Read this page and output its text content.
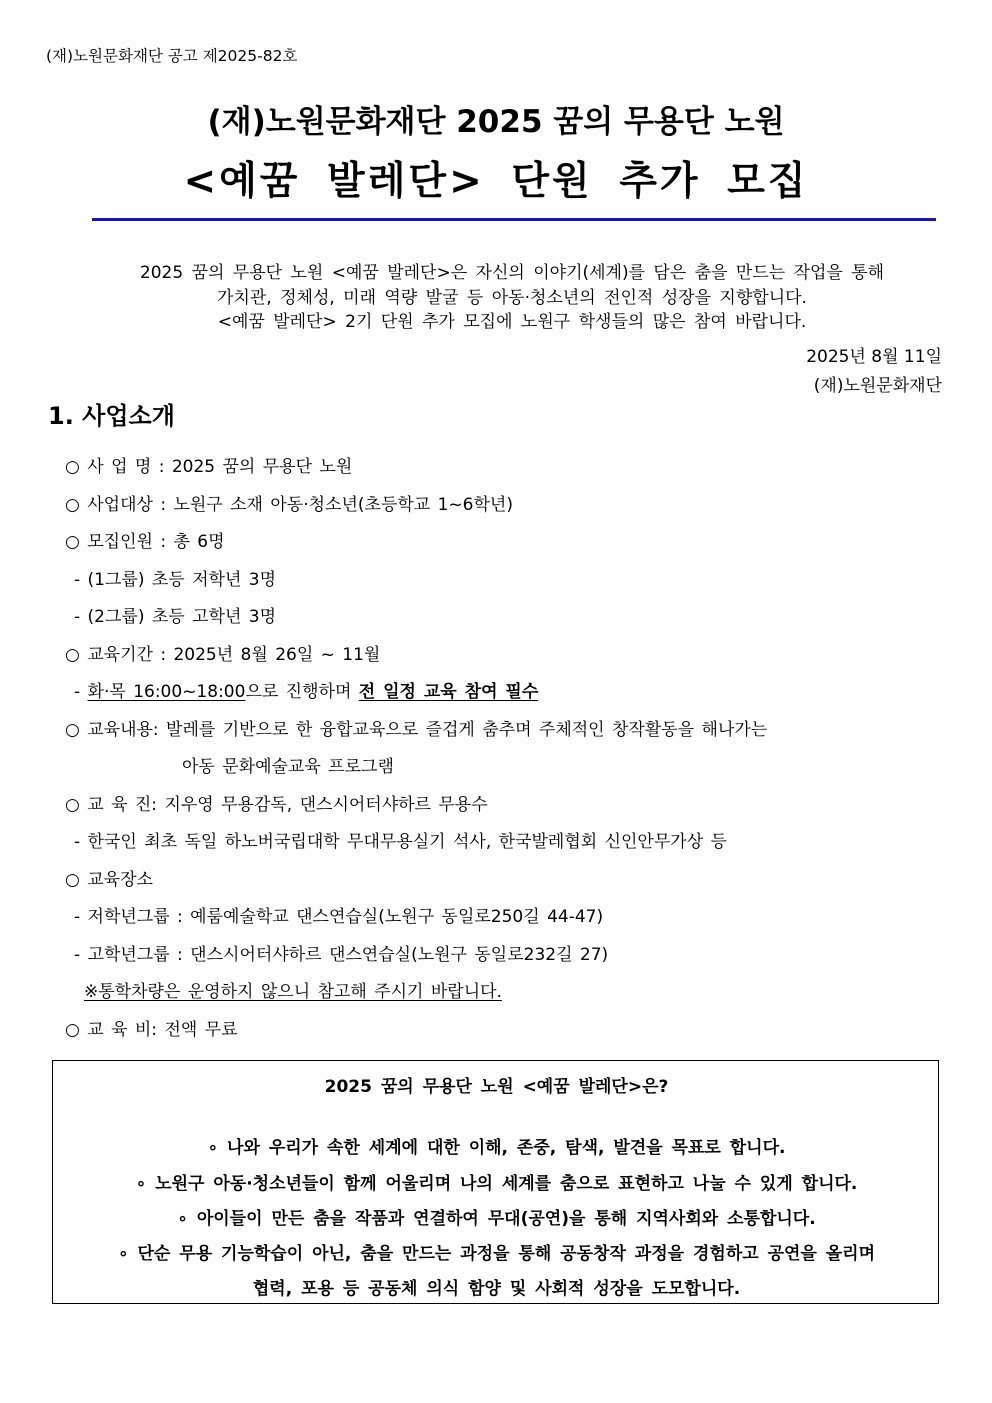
(재)노원문화재단 공고 제2025-82호
(재)노원문화재단 2025 꿈의 무용단 노원
<예꿈 발레단> 단원 추가 모집
2025 꿈의 무용단 노원 <예꿈 발레단>은 자신의 이야기(세계)를 담은 춤을 만드는 작업을 통해
가치관, 정체성, 미래 역량 발굴 등 아동·청소년의 전인적 성장을 지향합니다.
<예꿈 발레단> 2기 단원 추가 모집에 노원구 학생들의 많은 참여 바랍니다.
2025년 8월 11일
(재)노원문화재단
1. 사업소개
○ 사 업 명 : 2025 꿈의 무용단 노원
○ 사업대상 : 노원구 소재 아동·청소년(초등학교 1~6학년)
○ 모집인원 : 총 6명
- (1그룹) 초등 저학년 3명
- (2그룹) 초등 고학년 3명
○ 교육기간 : 2025년 8월 26일 ~ 11월
- 화·목 16:00~18:00으로 진행하며 전 일정 교육 참여 필수
○ 교육내용: 발레를 기반으로 한 융합교육으로 즐겁게 춤추며 주체적인 창작활동을 해나가는
아동 문화예술교육 프로그램
○ 교 육 진: 지우영 무용감독, 댄스시어터샤하르 무용수
- 한국인 최초 독일 하노버국립대학 무대무용실기 석사, 한국발레협회 신인안무가상 등
○ 교육장소
- 저학년그룹 : 예룸예술학교 댄스연습실(노원구 동일로250길 44-47)
- 고학년그룹 : 댄스시어터샤하르 댄스연습실(노원구 동일로232길 27)
※통학차량은 운영하지 않으니 참고해 주시기 바랍니다.
○ 교 육 비: 전액 무료
2025 꿈의 무용단 노원 <예꿈 발레단>은?
∘ 나와 우리가 속한 세계에 대한 이해, 존중, 탐색, 발견을 목표로 합니다.
∘ 노원구 아동·청소년들이 함께 어울리며 나의 세계를 춤으로 표현하고 나눌 수 있게 합니다.
∘ 아이들이 만든 춤을 작품과 연결하여 무대(공연)을 통해 지역사회와 소통합니다.
∘ 단순 무용 기능학습이 아닌, 춤을 만드는 과정을 통해 공동창작 과정을 경험하고 공연을 올리며
협력, 포용 등 공동체 의식 함양 및 사회적 성장을 도모합니다.
